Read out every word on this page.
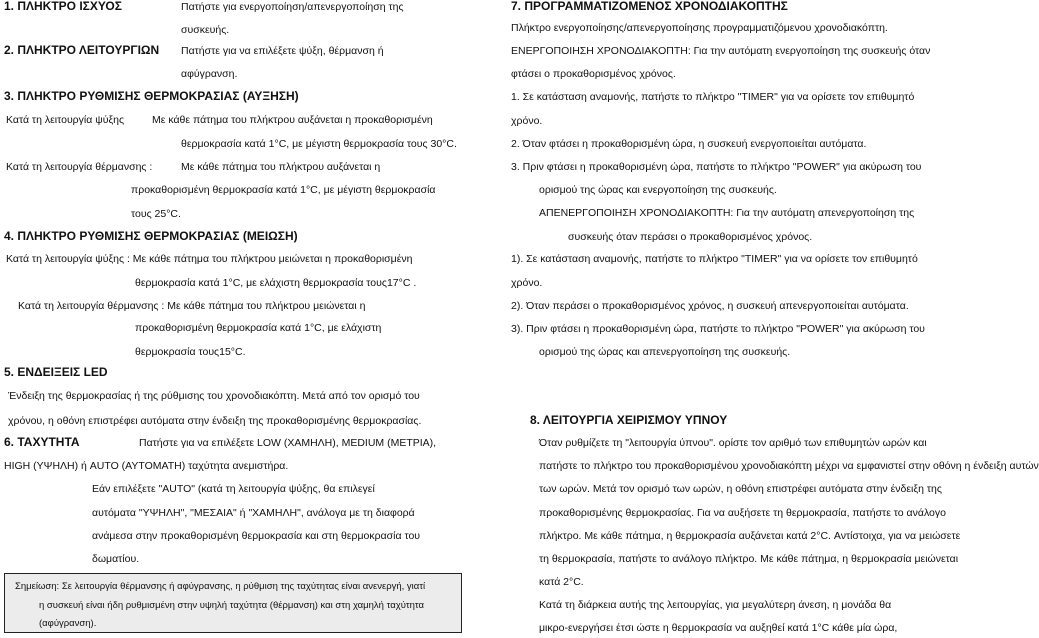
1. ΠΛΗΚΤΡΟ ΙΣΧΥΟΣ	Πατήστε για ενεργοποίηση/απενεργοποίηση της
συσκευής.
2. ΠΛΗΚΤΡΟ ΛΕΙΤΟΥΡΓΙΩΝ Πατήστε για να επιλέξετε ψύξη, θέρμανση ή
αφύγρανση.
3. ΠΛΗΚΤΡΟ ΡΥΘΜΙΣΗΣ ΘΕΡΜΟΚΡΑΣΙΑΣ (ΑΥΞΗΣΗ)
Κατά τη λειτουργία ψύξης	Με κάθε πάτημα του πλήκτρου αυξάνεται η προκαθορισμένη
θερμοκρασία κατά 1°C, με μέγιστη θερμοκρασία τους 30°C.
Κατά τη λειτουργία θέρμανσης :	Με κάθε πάτημα του πλήκτρου αυξάνεται η
προκαθορισμένη θερμοκρασία κατά 1°C, με μέγιστη θερμοκρασία
τους 25°C.
4. ΠΛΗΚΤΡΟ ΡΥΘΜΙΣΗΣ ΘΕΡΜΟΚΡΑΣΙΑΣ (ΜΕΙΩΣΗ)
Κατά τη λειτουργία ψύξης : Με κάθε πάτημα του πλήκτρου μειώνεται η προκαθορισμένη
θερμοκρασία κατά 1°C, με ελάχιστη θερμοκρασία τους17°C .
Κατά τη λειτουργία θέρμανσης : Με κάθε πάτημα του πλήκτρου μειώνεται η
προκαθορισμένη θερμοκρασία κατά 1°C, με ελάχιστη
θερμοκρασία τους15°C.
5. ΕΝΔΕΙΞΕΙΣ LED
Ένδειξη της θερμοκρασίας ή της ρύθμισης του χρονοδιακόπτη. Μετά από τον ορισμό του
χρόνου, η οθόνη επιστρέφει αυτόματα στην ένδειξη της προκαθορισμένης θερμοκρασίας.
6. ΤΑΧΥΤΗΤΑ	Πατήστε για να επιλέξετε LOW (ΧΑΜΗΛΗ), MEDIUM (ΜΕΤΡΙΑ),
HIGH (ΥΨΗΛΗ) ή AUTO (ΑΥΤΟΜΑΤΗ) ταχύτητα ανεμιστήρα.
Εάν επιλέξετε "AUTO" (κατά τη λειτουργία ψύξης, θα επιλεγεί
αυτόματα "ΥΨΗΛΗ", "ΜΕΣΑΙΑ" ή "ΧΑΜΗΛΗ", ανάλογα με τη διαφορά
ανάμεσα στην προκαθορισμένη θερμοκρασία και στη θερμοκρασία του
δωματίου.
Σημείωση: Σε λειτουργία θέρμανσης ή αφύγρανσης, η ρύθμιση της ταχύτητας είναι ανενεργή, γιατί
η συσκευή είναι ήδη ρυθμισμένη στην υψηλή ταχύτητα (θέρμανση) και στη χαμηλή ταχύτητα
(αφύγρανση).
7. ΠΡΟΓΡΑΜΜΑΤΙΖΟΜΕΝΟΣ ΧΡΟΝΟΔΙΑΚΟΠΤΗΣ
Πλήκτρο ενεργοποίησης/απενεργοποίησης προγραμματιζόμενου χρονοδιακόπτη.
ΕΝΕΡΓΟΠΟΙΗΣΗ ΧΡΟΝΟΔΙΑΚΟΠΤΗ: Για την αυτόματη ενεργοποίηση της συσκευής όταν
φτάσει ο προκαθορισμένος χρόνος.
1. Σε κατάσταση αναμονής, πατήστε το πλήκτρο "TIMER" για να ορίσετε τον επιθυμητό
χρόνο.
2. Όταν φτάσει η προκαθορισμένη ώρα, η συσκευή ενεργοποιείται αυτόματα.
3. Πριν φτάσει η προκαθορισμένη ώρα, πατήστε το πλήκτρο "POWER" για ακύρωση του
ορισμού της ώρας και ενεργοποίηση της συσκευής.
ΑΠΕΝΕΡΓΟΠΟΙΗΣΗ ΧΡΟΝΟΔΙΑΚΟΠΤΗ: Για την αυτόματη απενεργοποίηση της
συσκευής όταν περάσει ο προκαθορισμένος χρόνος.
1). Σε κατάσταση αναμονής, πατήστε το πλήκτρο "TIMER" για να ορίσετε τον επιθυμητό
χρόνο.
2). Όταν περάσει ο προκαθορισμένος χρόνος, η συσκευή απενεργοποιείται αυτόματα.
3). Πριν φτάσει η προκαθορισμένη ώρα, πατήστε το πλήκτρο "POWER" για ακύρωση του
ορισμού της ώρας και απενεργοποίηση της συσκευής.
8. ΛΕΙΤΟΥΡΓΙΑ ΧΕΙΡΙΣΜΟΥ ΥΠΝΟΥ
Όταν ρυθμίζετε τη "λειτουργία ύπνου". ορίστε τον αριθμό των επιθυμητών ωρών και
πατήστε το πλήκτρο του προκαθορισμένου χρονοδιακόπτη μέχρι να εμφανιστεί στην οθόνη η ένδειξη αυτών
των ωρών. Μετά τον ορισμό των ωρών, η οθόνη επιστρέφει αυτόματα στην ένδειξη της
προκαθορισμένης θερμοκρασίας. Για να αυξήσετε τη θερμοκρασία, πατήστε το ανάλογο
πλήκτρο. Με κάθε πάτημα, η θερμοκρασία αυξάνεται κατά 2°C. Αντίστοιχα, για να μειώσετε
τη θερμοκρασία, πατήστε το ανάλογο πλήκτρο. Με κάθε πάτημα, η θερμοκρασία μειώνεται
κατά 2°C.
Κατά τη διάρκεια αυτής της λειτουργίας, για μεγαλύτερη άνεση, η μονάδα θα
μικρο-ενεργήσει έτσι ώστε η θερμοκρασία να αυξηθεί κατά 1°C κάθε μία ώρα,
